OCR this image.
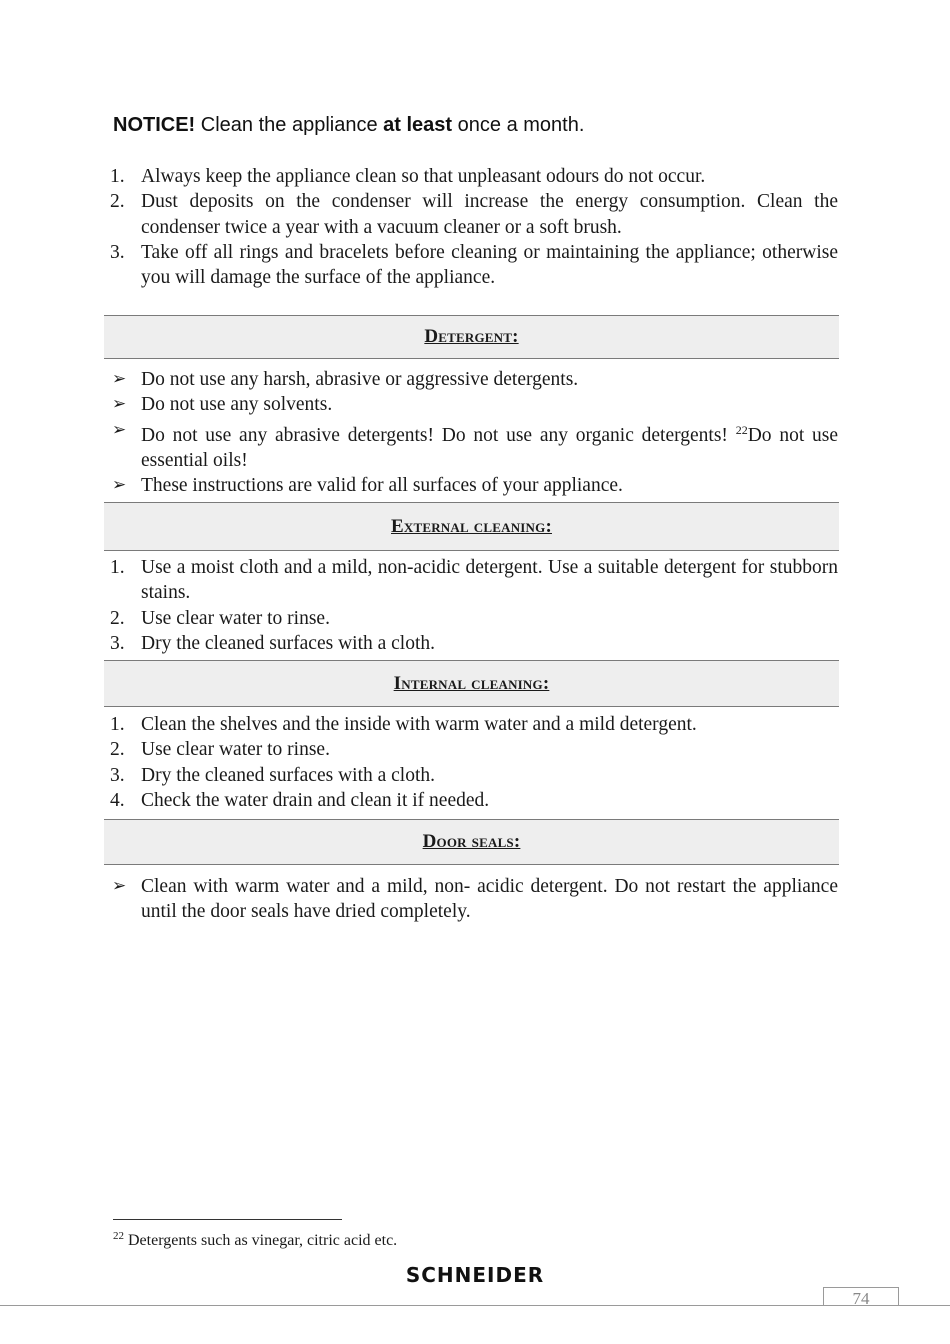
NOTICE! Clean the appliance at least once a month.
1. Always keep the appliance clean so that unpleasant odours do not occur.
2. Dust deposits on the condenser will increase the energy consumption. Clean the condenser twice a year with a vacuum cleaner or a soft brush.
3. Take off all rings and bracelets before cleaning or maintaining the appliance; otherwise you will damage the surface of the appliance.
Detergent:
➢ Do not use any harsh, abrasive or aggressive detergents.
➢ Do not use any solvents.
➢ Do not use any abrasive detergents! Do not use any organic detergents! $^{22}$Do not use essential oils!
➢ These instructions are valid for all surfaces of your appliance.
External cleaning:
1. Use a moist cloth and a mild, non-acidic detergent. Use a suitable detergent for stubborn stains.
2. Use clear water to rinse.
3. Dry the cleaned surfaces with a cloth.
Internal cleaning:
1. Clean the shelves and the inside with warm water and a mild detergent.
2. Use clear water to rinse.
3. Dry the cleaned surfaces with a cloth.
4. Check the water drain and clean it if needed.
Door seals:
➢ Clean with warm water and a mild, non- acidic detergent. Do not restart the appliance until the door seals have dried completely.
$^{22}$ Detergents such as vinegar, citric acid etc.
SCHNEIDER
74
